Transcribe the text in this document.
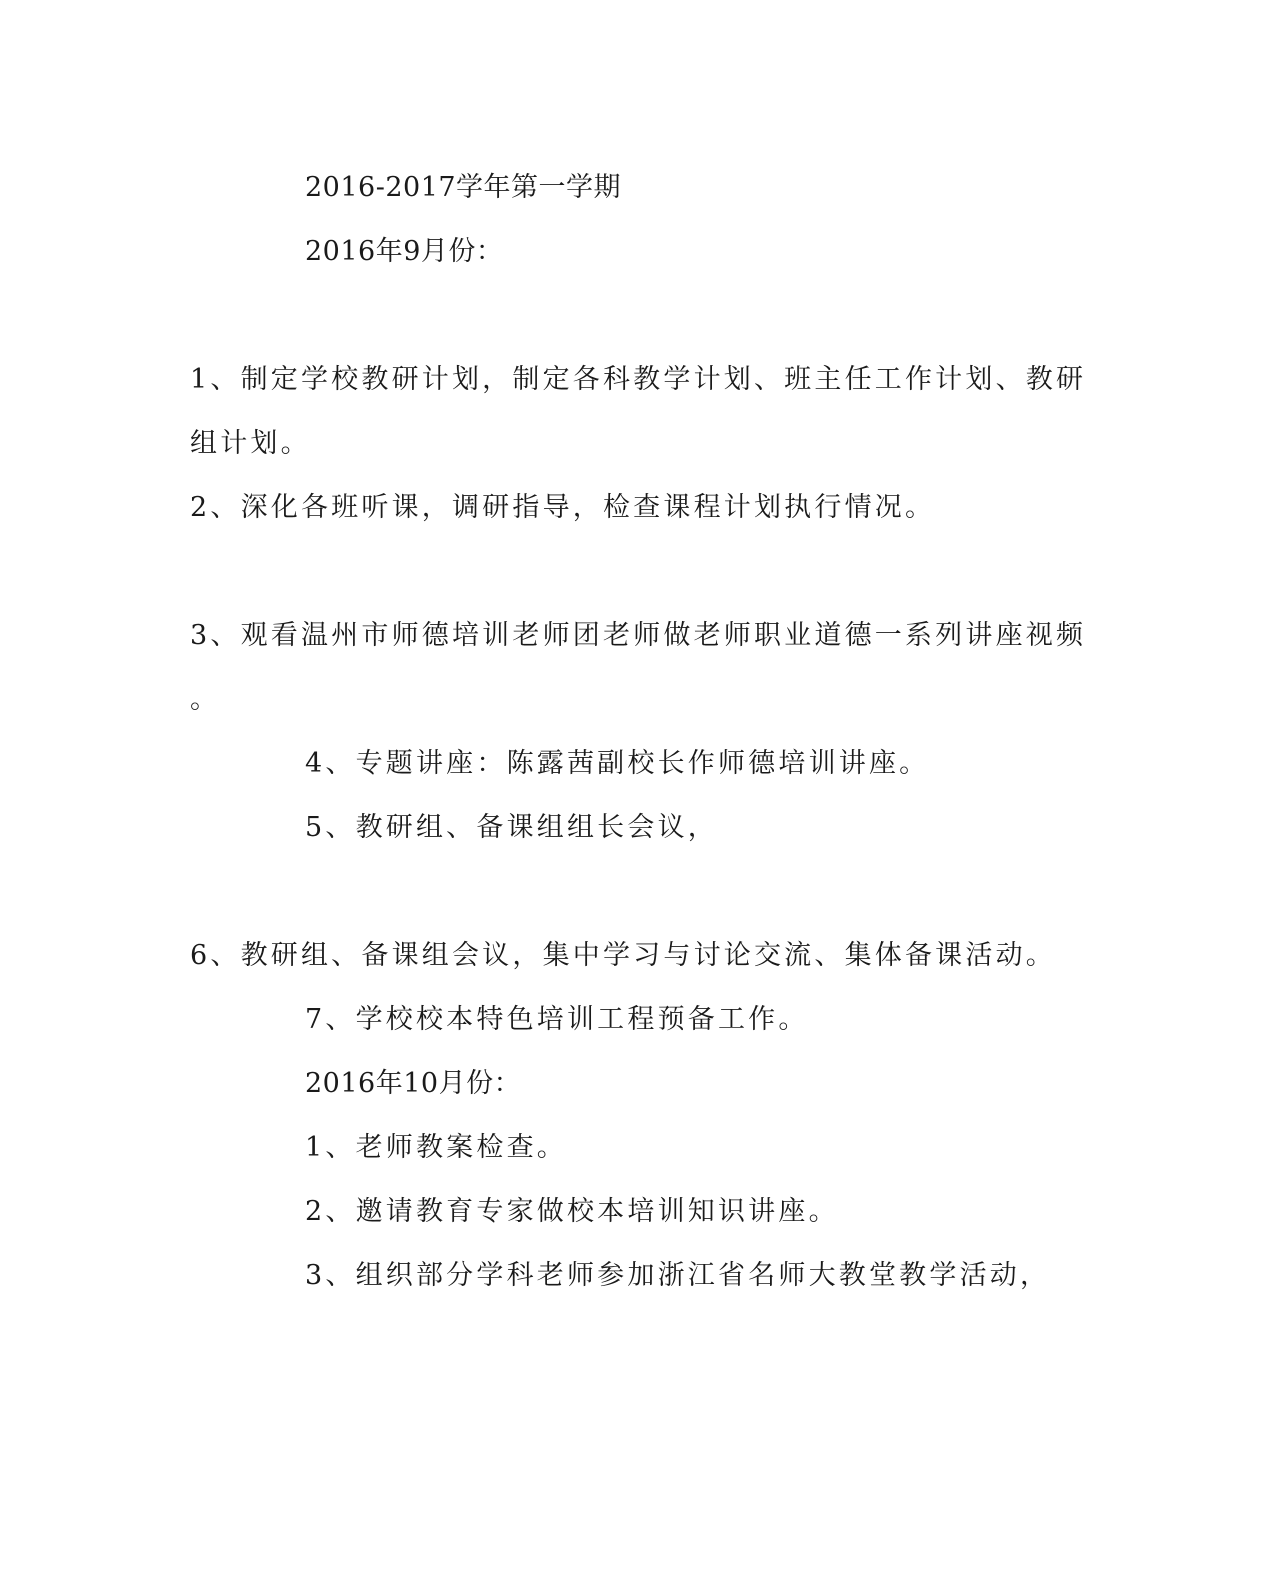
2016-2017学年第一学期
2016年9月份：
1、制定学校教研计划，制定各科教学计划、班主任工作计划、教研
组计划。
2、深化各班听课，调研指导，检查课程计划执行情况。
3、观看温州市师德培训老师团老师做老师职业道德一系列讲座视频
。
4、专题讲座：陈露茜副校长作师德培训讲座。
5、教研组、备课组组长会议，
6、教研组、备课组会议，集中学习与讨论交流、集体备课活动。
7、学校校本特色培训工程预备工作。
2016年10月份：
1、老师教案检查。
2、邀请教育专家做校本培训知识讲座。
3、组织部分学科老师参加浙江省名师大教堂教学活动，
